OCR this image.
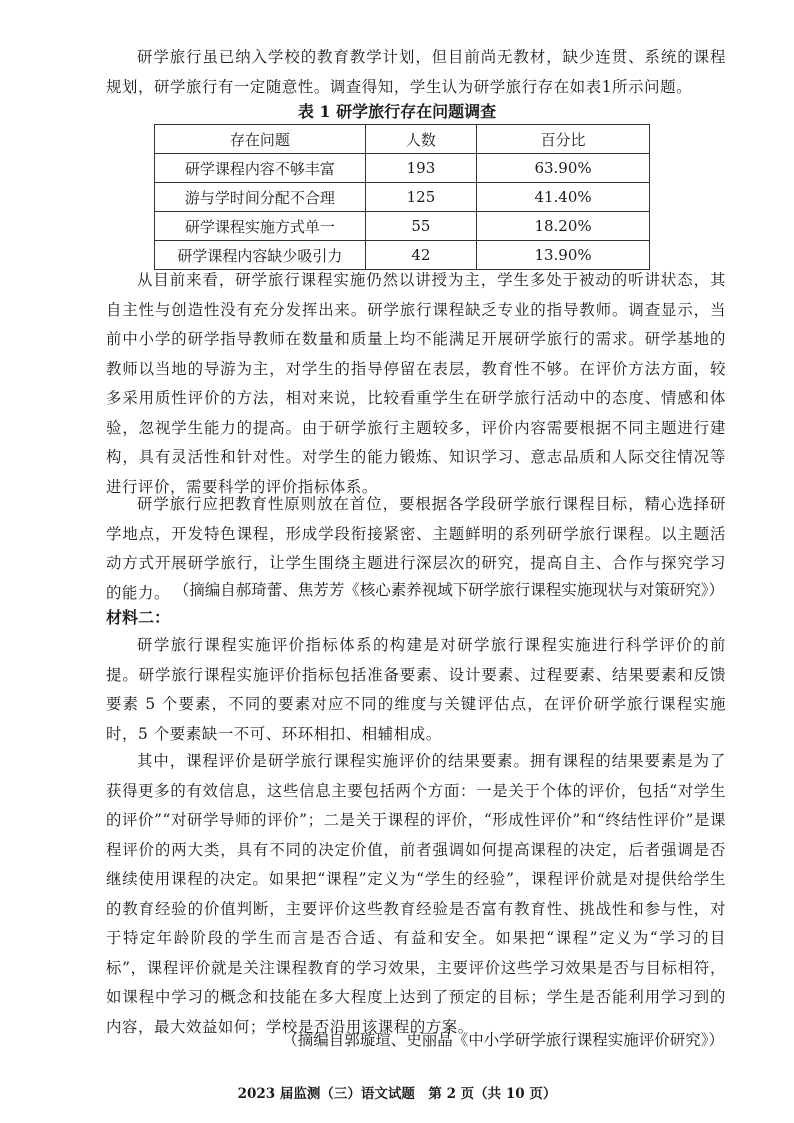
研学旅行虽已纳入学校的教育教学计划，但目前尚无教材，缺少连贯、系统的课程规划，研学旅行有一定随意性。调查得知，学生认为研学旅行存在如表1所示问题。

表 1 研学旅行存在问题调查
存在问题	人数	百分比
研学课程内容不够丰富	193	63.90%
游与学时间分配不合理	125	41.40%
研学课程实施方式单一	55	18.20%
研学课程内容缺少吸引力	42	13.90%

从目前来看，研学旅行课程实施仍然以讲授为主，学生多处于被动的听讲状态，其自主性与创造性没有充分发挥出来。研学旅行课程缺乏专业的指导教师。调查显示，当前中小学的研学指导教师在数量和质量上均不能满足开展研学旅行的需求。研学基地的教师以当地的导游为主，对学生的指导停留在表层，教育性不够。在评价方法方面，较多采用质性评价的方法，相对来说，比较看重学生在研学旅行活动中的态度、情感和体验，忽视学生能力的提高。由于研学旅行主题较多，评价内容需要根据不同主题进行建构，具有灵活性和针对性。对学生的能力锻炼、知识学习、意志品质和人际交往情况等进行评价，需要科学的评价指标体系。

研学旅行应把教育性原则放在首位，要根据各学段研学旅行课程目标，精心选择研学地点，开发特色课程，形成学段衔接紧密、主题鲜明的系列研学旅行课程。以主题活动方式开展研学旅行，让学生围绕主题进行深层次的研究，提高自主、合作与探究学习的能力。 （摘编自郝琦蕾、焦芳芳《核心素养视域下研学旅行课程实施现状与对策研究》）
材料二：

研学旅行课程实施评价指标体系的构建是对研学旅行课程实施进行科学评价的前提。研学旅行课程实施评价指标包括准备要素、设计要素、过程要素、结果要素和反馈要素 5 个要素，不同的要素对应不同的维度与关键评估点，在评价研学旅行课程实施时，5 个要素缺一不可、环环相扣、相辅相成。

其中，课程评价是研学旅行课程实施评价的结果要素。拥有课程的结果要素是为了获得更多的有效信息，这些信息主要包括两个方面：一是关于个体的评价，包括“对学生的评价”“对研学导师的评价”；二是关于课程的评价，“形成性评价”和“终结性评价”是课程评价的两大类，具有不同的决定价值，前者强调如何提高课程的决定，后者强调是否继续使用课程的决定。如果把“课程”定义为“学生的经验”，课程评价就是对提供给学生的教育经验的价值判断，主要评价这些教育经验是否富有教育性、挑战性和参与性，对于特定年龄阶段的学生而言是否合适、有益和安全。如果把“课程”定义为“学习的目标”，课程评价就是关注课程教育的学习效果，主要评价这些学习效果是否与目标相符，如课程中学习的概念和技能在多大程度上达到了预定的目标；学生是否能利用学习到的内容，最大效益如何；学校是否沿用该课程的方案。

（摘编自郭璇瑄、史丽晶《中小学研学旅行课程实施评价研究》）
2023 届监测（三）语文试题　第 2 页（共 10 页）
